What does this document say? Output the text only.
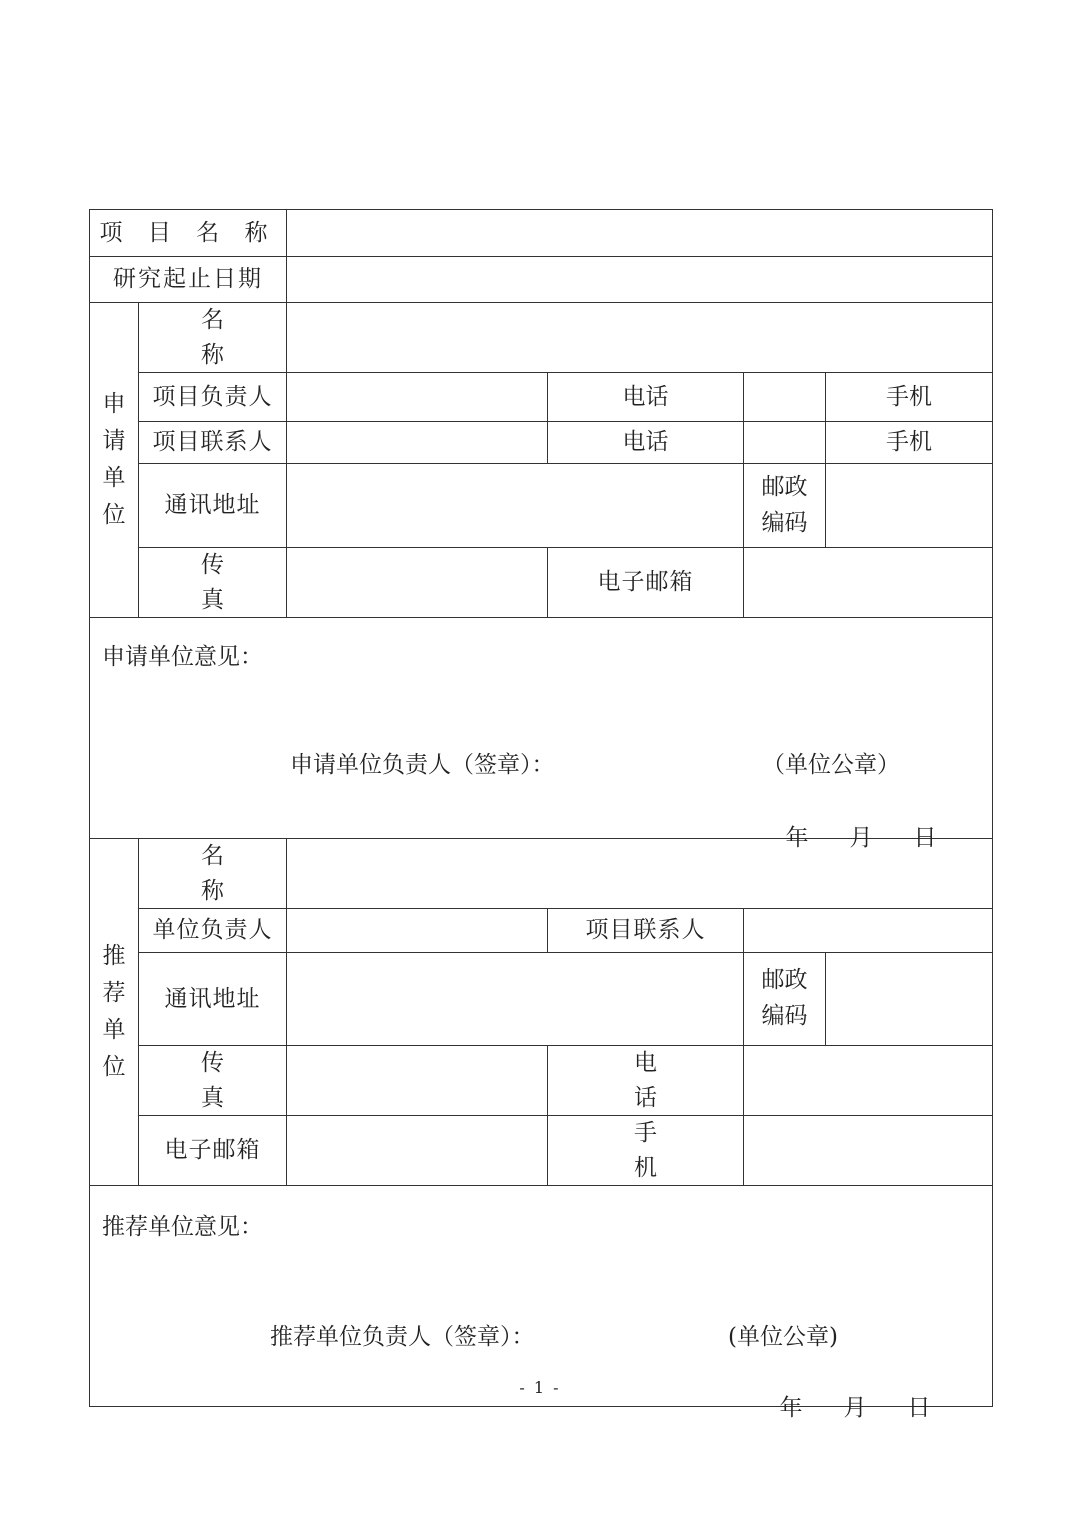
项 目 名 称						
研究起止日期						

申
请
单
位	名称					
	项目负责人		电话		手机	
	项目联系人		电话		手机	
	通讯地址			邮政
编码		

	传真		电子邮箱			

申请单位意见：
申请单位负责人（签章）： （单位公章）

年 月 日						

推
荐
单
位	名称					
	单位负责人		项目联系人			
	通讯地址			邮政
编码		

	传真		电话			
	电子邮箱		手机			

推荐单位意见：
推荐单位负责人（签章）： (单位公章)

年 月 日						

- 1 -
